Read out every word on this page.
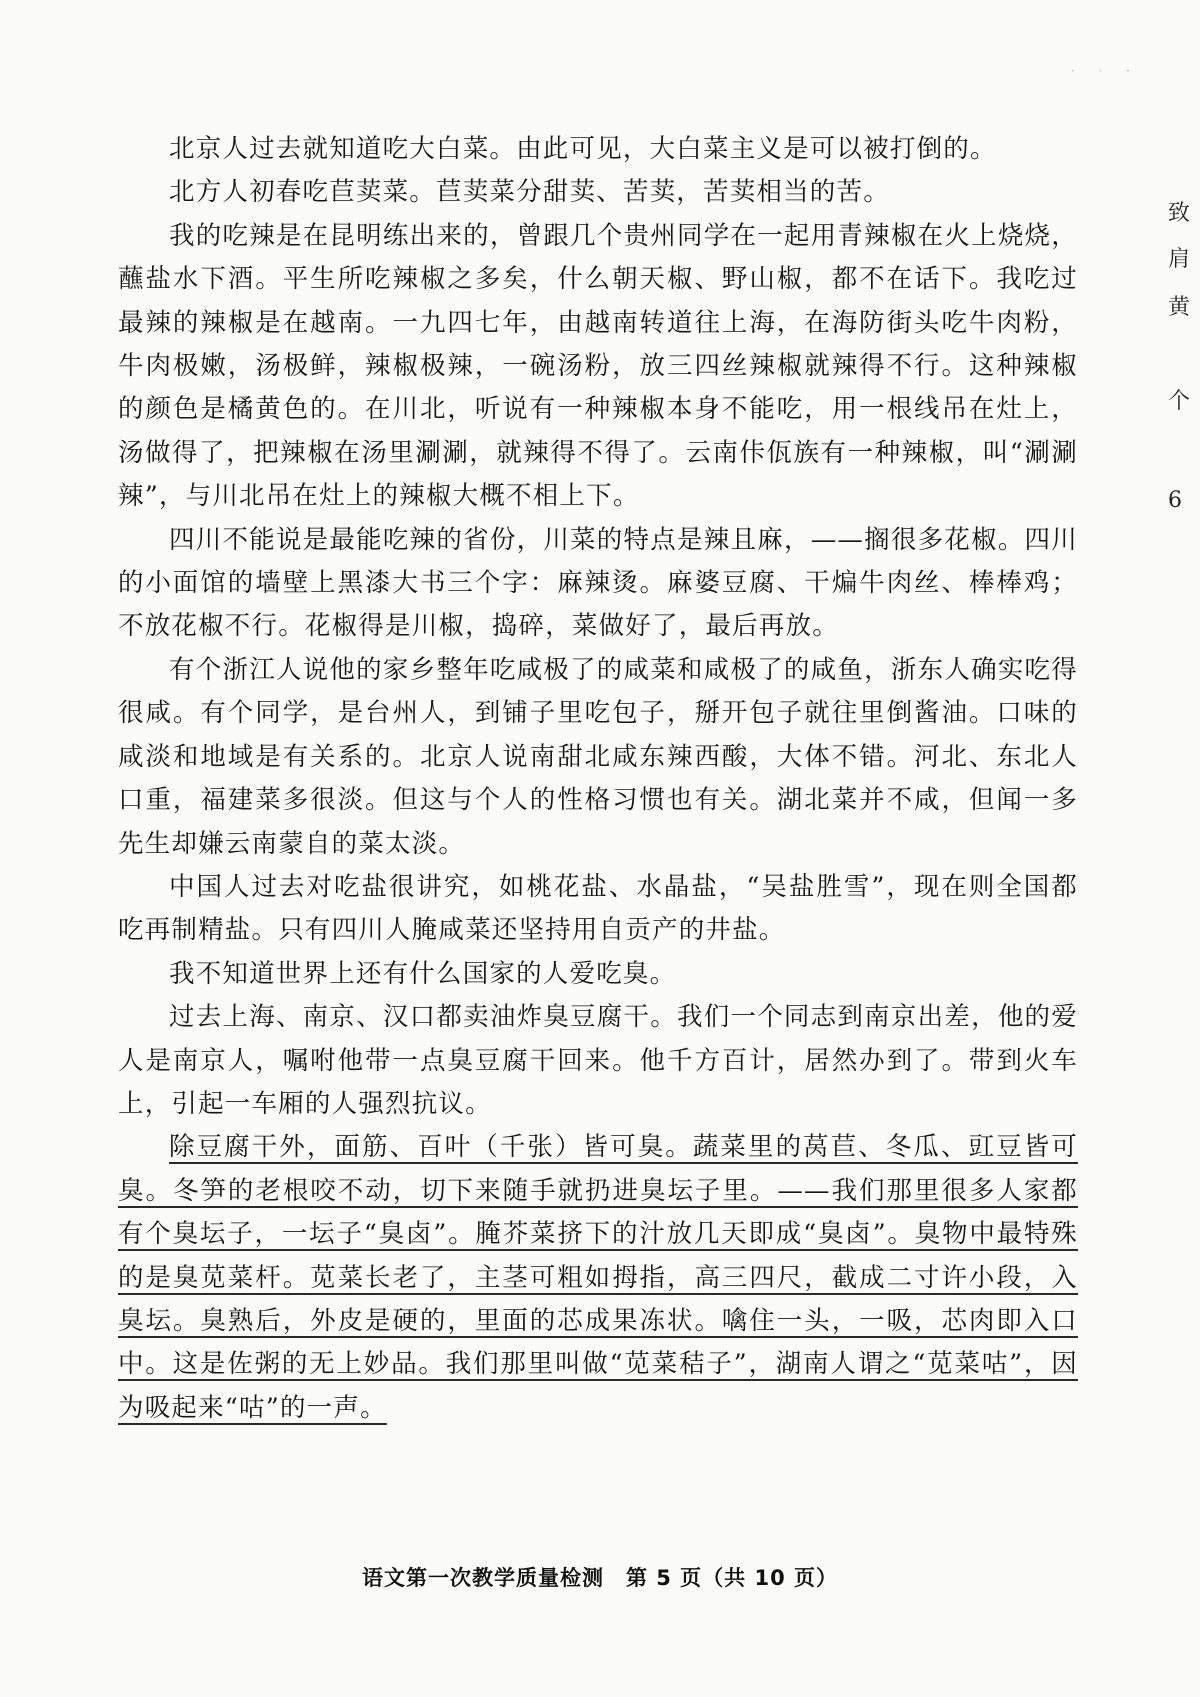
· · ·

北京人过去就知道吃大白菜。由此可见，大白菜主义是可以被打倒的。

北方人初春吃苣荬菜。苣荬菜分甜荬、苦荬，苦荬相当的苦。

我的吃辣是在昆明练出来的，曾跟几个贵州同学在一起用青辣椒在火上烧烧，蘸盐水下酒。平生所吃辣椒之多矣，什么朝天椒、野山椒，都不在话下。我吃过最辣的辣椒是在越南。一九四七年，由越南转道往上海，在海防街头吃牛肉粉，牛肉极嫩，汤极鲜，辣椒极辣，一碗汤粉，放三四丝辣椒就辣得不行。这种辣椒的颜色是橘黄色的。在川北，听说有一种辣椒本身不能吃，用一根线吊在灶上，汤做得了，把辣椒在汤里涮涮，就辣得不得了。云南佧佤族有一种辣椒，叫“涮涮辣”，与川北吊在灶上的辣椒大概不相上下。

四川不能说是最能吃辣的省份，川菜的特点是辣且麻，——搁很多花椒。四川的小面馆的墙壁上黑漆大书三个字：麻辣烫。麻婆豆腐、干煸牛肉丝、棒棒鸡；不放花椒不行。花椒得是川椒，捣碎，菜做好了，最后再放。

有个浙江人说他的家乡整年吃咸极了的咸菜和咸极了的咸鱼，浙东人确实吃得很咸。有个同学，是台州人，到铺子里吃包子，掰开包子就往里倒酱油。口味的咸淡和地域是有关系的。北京人说南甜北咸东辣西酸，大体不错。河北、东北人口重，福建菜多很淡。但这与个人的性格习惯也有关。湖北菜并不咸，但闻一多先生却嫌云南蒙自的菜太淡。

中国人过去对吃盐很讲究，如桃花盐、水晶盐，“吴盐胜雪”，现在则全国都吃再制精盐。只有四川人腌咸菜还坚持用自贡产的井盐。

我不知道世界上还有什么国家的人爱吃臭。

过去上海、南京、汉口都卖油炸臭豆腐干。我们一个同志到南京出差，他的爱人是南京人，嘱咐他带一点臭豆腐干回来。他千方百计，居然办到了。带到火车上，引起一车厢的人强烈抗议。

除豆腐干外，面筋、百叶（千张）皆可臭。蔬菜里的莴苣、冬瓜、豇豆皆可臭。冬笋的老根咬不动，切下来随手就扔进臭坛子里。——我们那里很多人家都有个臭坛子，一坛子“臭卤”。腌芥菜挤下的汁放几天即成“臭卤”。臭物中最特殊的是臭苋菜杆。苋菜长老了，主茎可粗如拇指，高三四尺，截成二寸许小段，入臭坛。臭熟后，外皮是硬的，里面的芯成果冻状。噙住一头，一吸，芯肉即入口中。这是佐粥的无上妙品。我们那里叫做“苋菜秸子”，湖南人谓之“苋菜咕”，因为吸起来“咕”的一声。

致
肩
黄
个
6
语文第一次教学质量检测　第 5 页（共 10 页）
